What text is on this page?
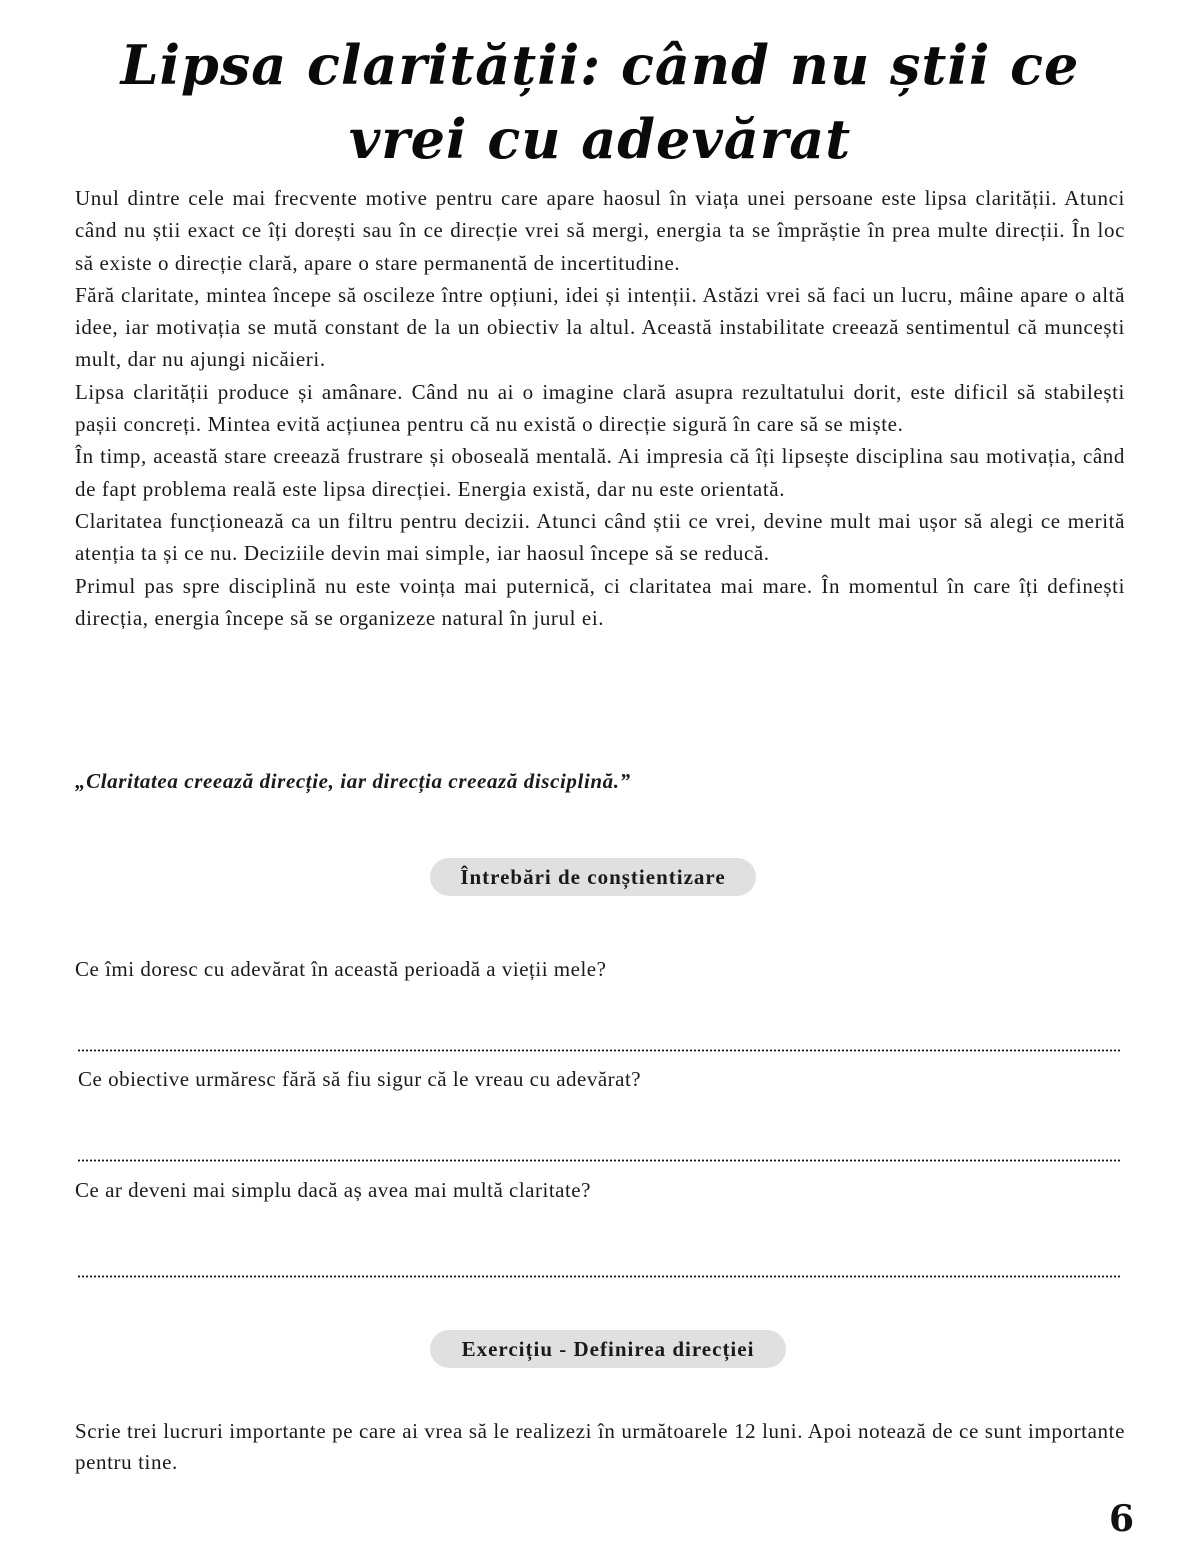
Lipsa clarității: când nu știi ce vrei cu adevărat

Unul dintre cele mai frecvente motive pentru care apare haosul în viața unei persoane este lipsa clarității. Atunci când nu știi exact ce îți dorești sau în ce direcție vrei să mergi, energia ta se împrăștie în prea multe direcții. În loc să existe o direcție clară, apare o stare permanentă de incertitudine.

Fără claritate, mintea începe să oscileze între opțiuni, idei și intenții. Astăzi vrei să faci un lucru, mâine apare o altă idee, iar motivația se mută constant de la un obiectiv la altul. Această instabilitate creează sentimentul că muncești mult, dar nu ajungi nicăieri.

Lipsa clarității produce și amânare. Când nu ai o imagine clară asupra rezultatului dorit, este dificil să stabilești pașii concreți. Mintea evită acțiunea pentru că nu există o direcție sigură în care să se miște.

În timp, această stare creează frustrare și oboseală mentală. Ai impresia că îți lipsește disciplina sau motivația, când de fapt problema reală este lipsa direcției. Energia există, dar nu este orientată.

Claritatea funcționează ca un filtru pentru decizii. Atunci când știi ce vrei, devine mult mai ușor să alegi ce merită atenția ta și ce nu. Deciziile devin mai simple, iar haosul începe să se reducă.

Primul pas spre disciplină nu este voința mai puternică, ci claritatea mai mare. În momentul în care îți definești direcția, energia începe să se organizeze natural în jurul ei.

„Claritatea creează direcție, iar direcția creează disciplină.”
Întrebări de conștientizare
Ce îmi doresc cu adevărat în această perioadă a vieții mele?
Ce obiective urmăresc fără să fiu sigur că le vreau cu adevărat?
Ce ar deveni mai simplu dacă aș avea mai multă claritate?
Exercițiu - Definirea direcției
Scrie trei lucruri importante pe care ai vrea să le realizezi în următoarele 12 luni. Apoi notează de ce sunt importante pentru tine.
6
